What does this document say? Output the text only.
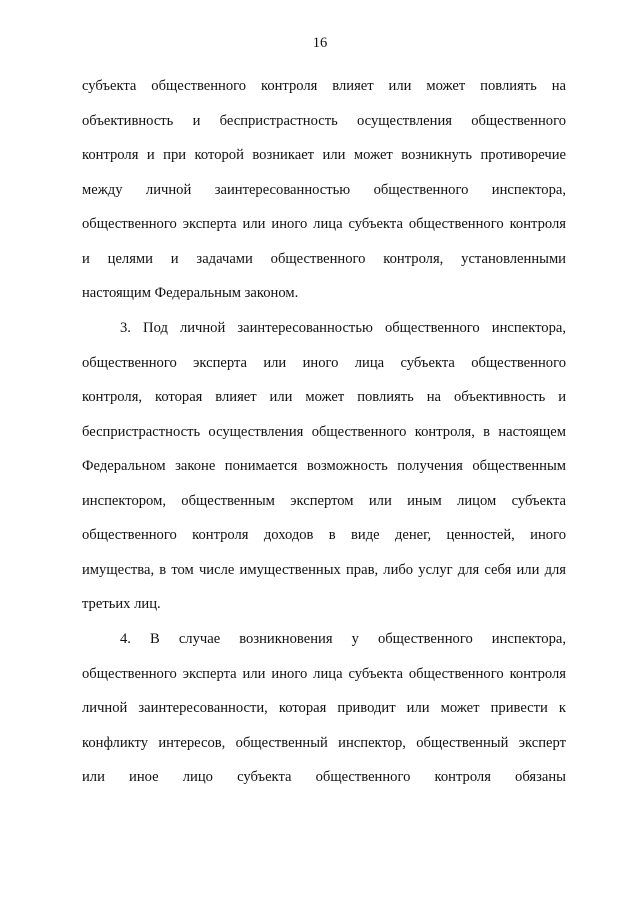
16
субъекта общественного контроля влияет или может повлиять на
объективность и беспристрастность осуществления общественного
контроля и при которой возникает или может возникнуть противоречие
между личной заинтересованностью общественного инспектора,
общественного эксперта или иного лица субъекта общественного контроля
и целями и задачами общественного контроля, установленными
настоящим Федеральным законом.
3. Под личной заинтересованностью общественного инспектора,
общественного эксперта или иного лица субъекта общественного
контроля, которая влияет или может повлиять на объективность и
беспристрастность осуществления общественного контроля, в настоящем
Федеральном законе понимается возможность получения общественным
инспектором, общественным экспертом или иным лицом субъекта
общественного контроля доходов в виде денег, ценностей, иного
имущества, в том числе имущественных прав, либо услуг для себя или для
третьих лиц.
4. В случае возникновения у общественного инспектора,
общественного эксперта или иного лица субъекта общественного контроля
личной заинтересованности, которая приводит или может привести к
конфликту интересов, общественный инспектор, общественный эксперт
или иное лицо субъекта общественного контроля обязаны
